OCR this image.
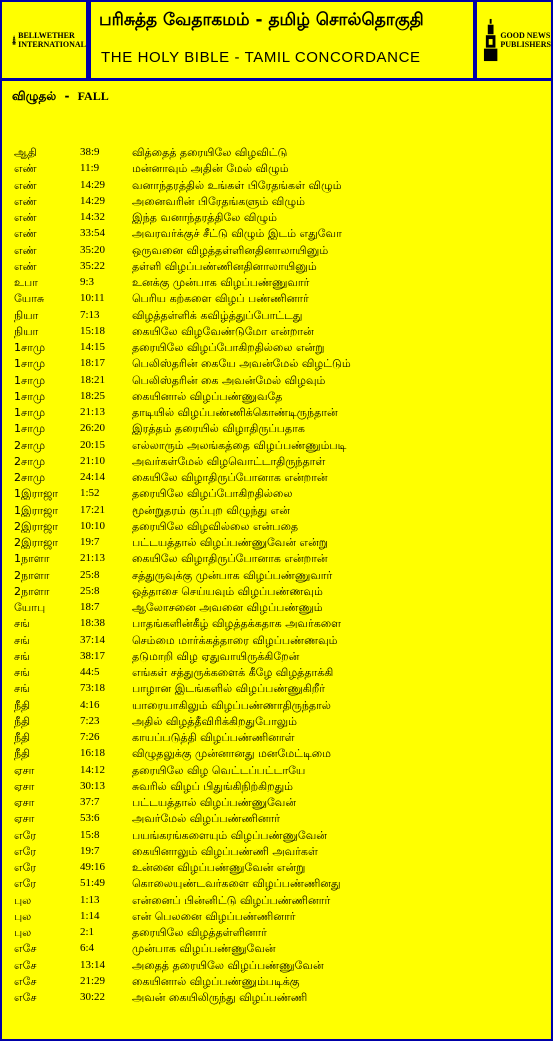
ஆதி	38:9	வித்தைத் தரையிலே விழவிட்டு
எண்	11:9	மன்னாவும் அதின் மேல் விழும்
எண்	14:29 வனாந்தரத்தில் உங்கள் பிரேதங்கள் விழும்
எண்	14:29 அனைவரின் பிரேதங்களும் விழும்
எண்	14:32 இந்த வனாந்தரத்திலே விழும்
எண்	33:54 அவரவர்க்குச் சீட்டு விழும் இடம் எதுவோ
எண்	35:20 ஒருவனை விழத்தள்ளினதினாலாயினும்
எண்	35:22 தள்ளி விழப்பண்ணினதினாலாயினும்
உபா	9:3	உனக்கு முன்பாக விழப்பண்ணுவார்
யோசு	10:11 பெரிய கற்களை விழப் பண்ணினார்
நியா	7:13	விழத்தள்ளிக் கவிழ்த்துப்போட்டது
நியா	15:18 கையிலே விழவேண்டுமோ என்றான்
1சாமு	14:15 தரையிலே விழப்போகிறதில்லை என்று
1சாமு	18:17 பெலிஸ்தரின் கையே அவன்மேல் விழட்டும்
1சாமு	18:21 பெலிஸ்தரின் கை அவன்மேல் விழவும்
1சாமு	18:25 கையினால் விழப்பண்ணுவதே
1சாமு	21:13 தாடியில் விழப்பண்ணிக்கொண்டிருந்தான்
1சாமு	26:20 இரத்தம் தரையில் விழாதிருப்பதாக
2சாமு	20:15 எல்லாரும் அலங்கத்தை விழப்பண்ணும்படி
2சாமு	21:10 அவர்கள்மேல் விழவொட்டாதிருந்தாள்
2சாமு	24:14 கையிலே விழாதிருப்போனாக என்றான்
1இராஜா 1:52	தரையிலே விழப்போகிறதில்லை
1இராஜா 17:21 மூன்றுதரம் குப்புற விழுந்து என்
2இராஜா 10:10 தரையிலே விழவில்லை என்பதை
2இராஜா 19:7	பட்டயத்தால் விழப்பண்ணுவேன் என்று
1நாளா	21:13 கையிலே விழாதிருப்போனாக என்றான்
2நாளா	25:8	சத்துருவுக்கு முன்பாக விழப்பண்ணுவார்
2நாளா	25:8	ஒத்தாசை செய்யவும் விழப்பண்ணவும்
யோபு	18:7	ஆலோசனை அவனை விழப்பண்ணும்
சங்	18:38 பாதங்களின்கீழ் விழத்தக்கதாக அவர்களை
சங்	37:14 செம்மை மார்க்கத்தாரை விழப்பண்ணவும்
சங்	38:17 தடுமாறி விழ ஏதுவாயிருக்கிறேன்
சங்	44:5	எங்கள் சத்துருக்களைக் கீழே விழத்தாக்கி
சங்	73:18 பாழான இடங்களில் விழப்பண்ணுகிறீர்
நீதி	4:16	யாரையாகிலும் விழப்பண்ணாதிருந்தால்
நீதி	7:23	அதில் விழத்தீவிரிக்கிறதுபோலும்
நீதி	7:26	காயப்படுத்தி விழப்பண்ணினாள்
நீதி	16:18 விழுதலுக்கு முன்னானது மனமேட்டிமை
ஏசா	14:12 தரையிலே விழ வெட்டப்பட்டாயே
ஏசா	30:13 சுவரில் விழப் பிதுங்கிநிற்கிறதும்
ஏசா	37:7	பட்டயத்தால் விழப்பண்ணுவேன்
ஏசா	53:6	அவர்மேல் விழப்பண்ணினார்
எரே	15:8	பயங்கரங்களையும் விழப்பண்ணுவேன்
எரே	19:7	கையினாலும் விழப்பண்ணி அவர்கள்
எரே	49:16 உன்னை விழப்பண்ணுவேன் என்று
எரே	51:49 கொலையுண்டவர்களை விழப்பண்ணினது
புல	1:13	என்னைப் பின்னிட்டு விழப்பண்ணினார்
புல	1:14	என் பெலனை விழப்பண்ணினார்
புல	2:1	தரையிலே விழத்தள்ளினார்
எசே	6:4	முன்பாக விழப்பண்ணுவேன்
எசே	13:14 அதைத் தரையிலே விழப்பண்ணுவேன்
எசே	21:29 கையினால் விழப்பண்ணும்படிக்கு
எசே	30:22 அவன் கையிலிருந்து விழப்பண்ணி
விழுதல் - FALL
BELLWETHER
INTERNATIONAL
பரிசுத்த வேதாகமம் - தமிழ் சொல்தொகுதி
THE HOLY BIBLE - TAMIL CONCORDANCE
GOOD NEWS
PUBLISHERS
